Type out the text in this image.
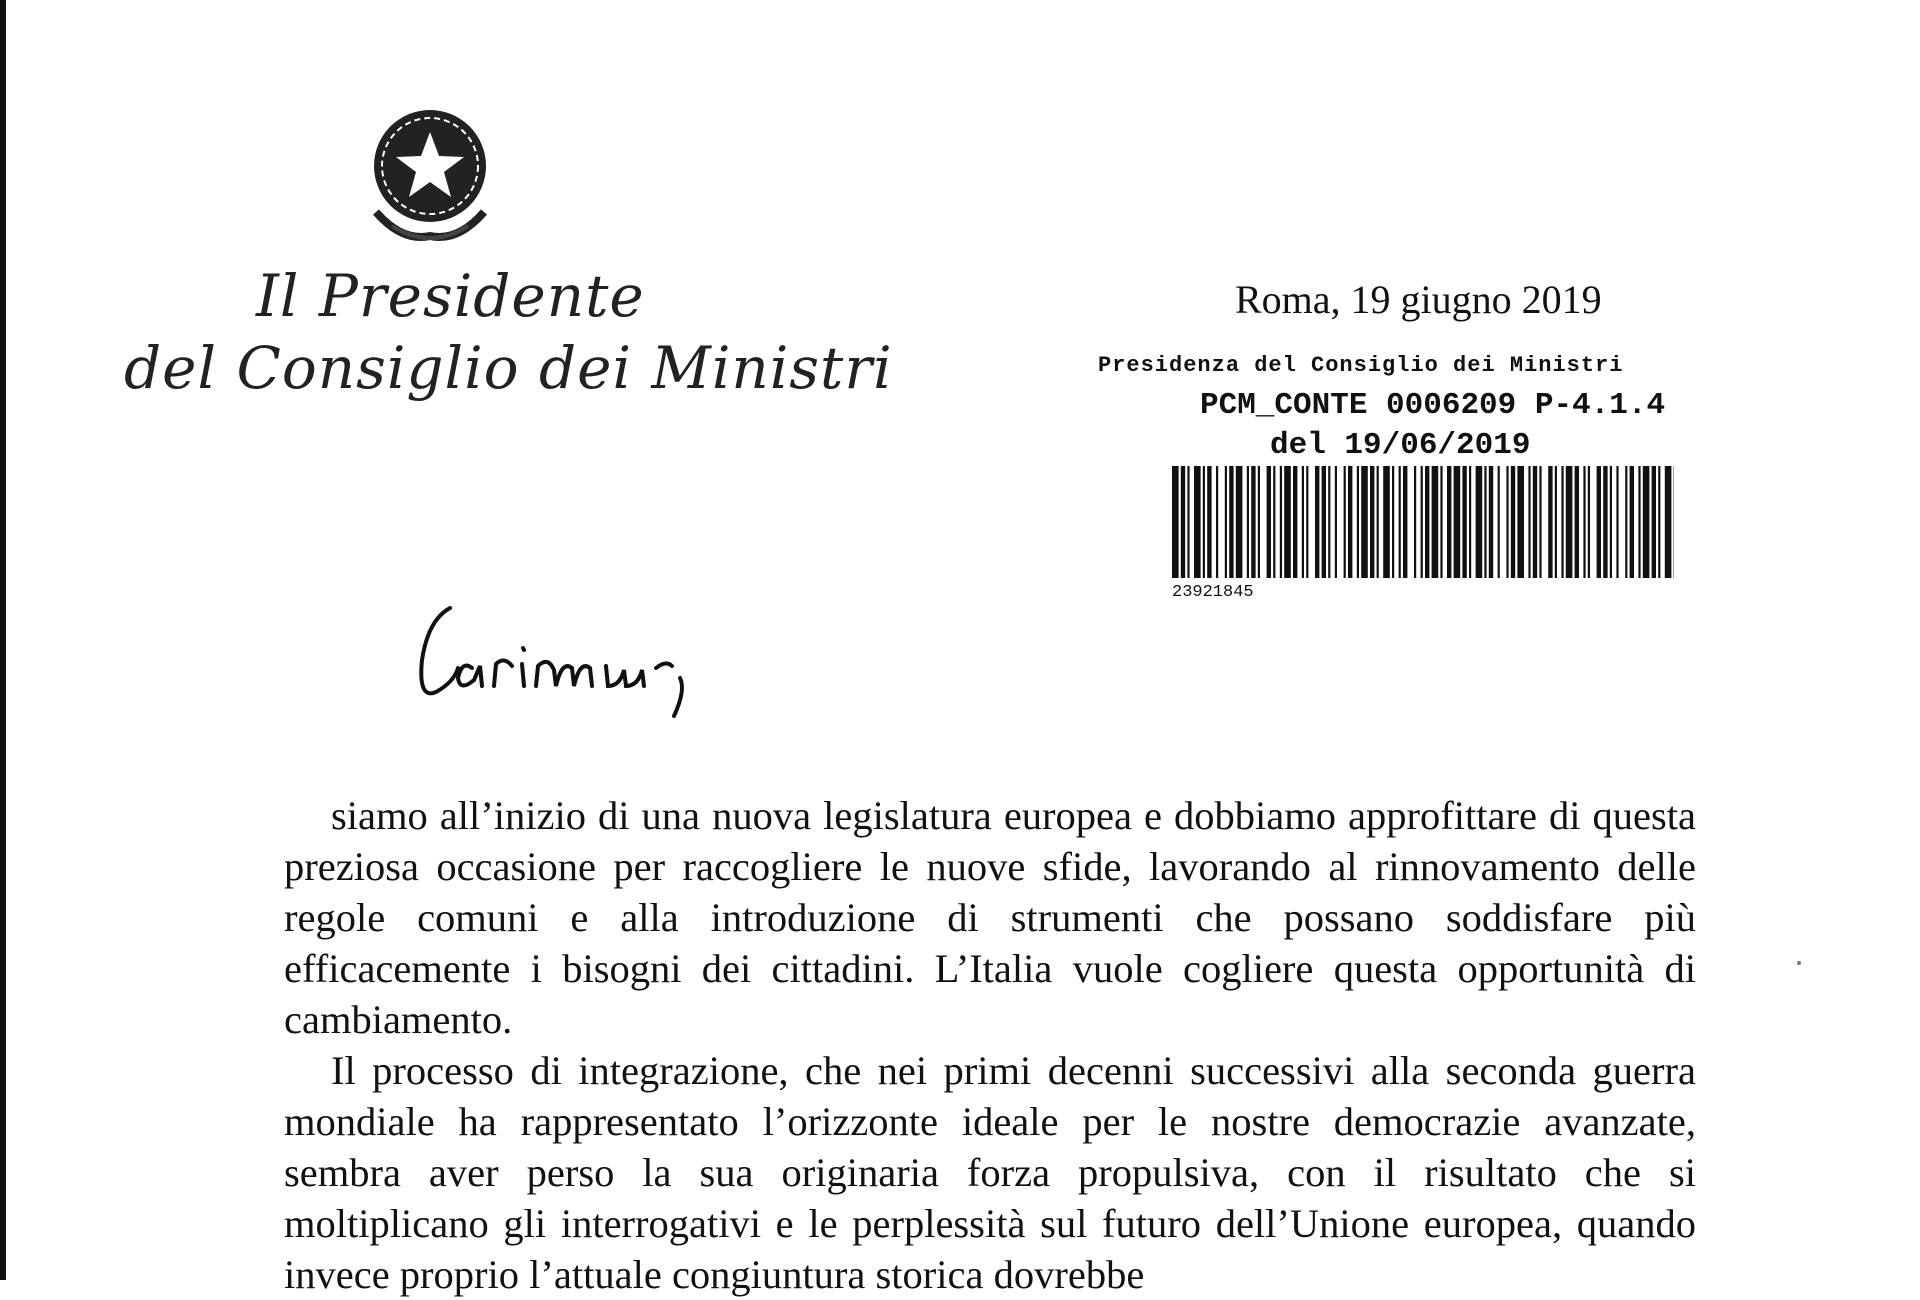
Il Presidente
del Consiglio dei Ministri
Roma, 19 giugno 2019
Presidenza del Consiglio dei Ministri
PCM_CONTE 0006209 P-4.1.4
del 19/06/2019
23921845

siamo all’inizio di una nuova legislatura europea e dobbiamo approfittare di questa preziosa occasione per raccogliere le nuove sfide, lavorando al rinnovamento delle regole comuni e alla introduzione di strumenti che possano soddisfare più efficacemente i bisogni dei cittadini. L’Italia vuole cogliere questa opportunità di cambiamento.

Il processo di integrazione, che nei primi decenni successivi alla seconda guerra mondiale ha rappresentato l’orizzonte ideale per le nostre democrazie avanzate, sembra aver perso la sua originaria forza propulsiva, con il risultato che si moltiplicano gli interrogativi e le perplessità sul futuro dell’Unione europea, quando invece proprio l’attuale congiuntura storica dovrebbe
